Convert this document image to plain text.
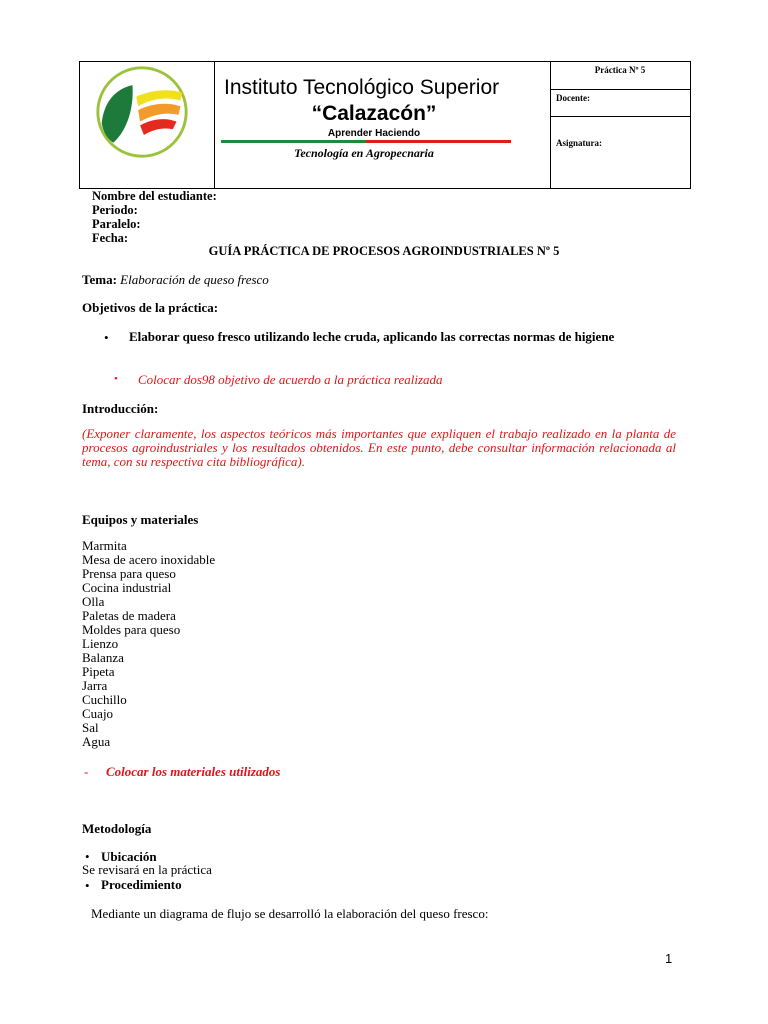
Instituto Tecnológico Superior
“Calazacón”
Aprender Haciendo
Tecnología en Agropecnaria
Práctica Nº 5
Docente:
Asignatura:
Nombre del estudiante:
Periodo:
Paralelo:
Fecha:
GUÍA PRÁCTICA DE PROCESOS AGROINDUSTRIALES Nº 5
Tema: Elaboración de queso fresco
Objetivos de la práctica:
• Elaborar queso fresco utilizando leche cruda, aplicando las correctas normas de higiene
• Colocar dos98 objetivo de acuerdo a la práctica realizada
Introducción:
(Exponer claramente, los aspectos teóricos más importantes que expliquen el trabajo realizado en la planta de procesos agroindustriales y los resultados obtenidos. En este punto, debe consultar información relacionada al tema, con su respectiva cita bibliográfica).
Equipos y materiales
Marmita
Mesa de acero inoxidable
Prensa para queso
Cocina industrial
Olla
Paletas de madera
Moldes para queso
Lienzo
Balanza
Pipeta
Jarra
Cuchillo
Cuajo
Sal
Agua
- Colocar los materiales utilizados
Metodología
• Ubicación
Se revisará en la práctica
• Procedimiento
Mediante un diagrama de flujo se desarrolló la elaboración del queso fresco:
1
